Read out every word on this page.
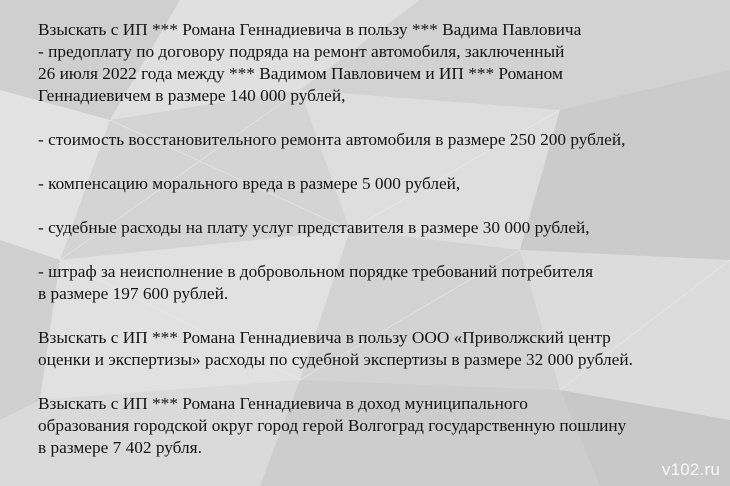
Взыскать с ИП *** Романа Геннадиевича в пользу *** Вадима Павловича
- предоплату по договору подряда на ремонт автомобиля, заключенный
26 июля 2022 года между *** Вадимом Павловичем и ИП *** Романом
Геннадиевичем в размере 140 000 рублей,
- стоимость восстановительного ремонта автомобиля в размере 250 200 рублей,
- компенсацию морального вреда в размере 5 000 рублей,
- судебные расходы на плату услуг представителя в размере 30 000 рублей,
- штраф за неисполнение в добровольном порядке требований потребителя
в размере 197 600 рублей.
Взыскать с ИП *** Романа Геннадиевича в пользу ООО «Приволжский центр
оценки и экспертизы» расходы по судебной экспертизы в размере 32 000 рублей.
Взыскать с ИП *** Романа Геннадиевича в доход муниципального
образования городской округ город герой Волгоград государственную пошлину
в размере 7 402 рубля.
v102.ru
